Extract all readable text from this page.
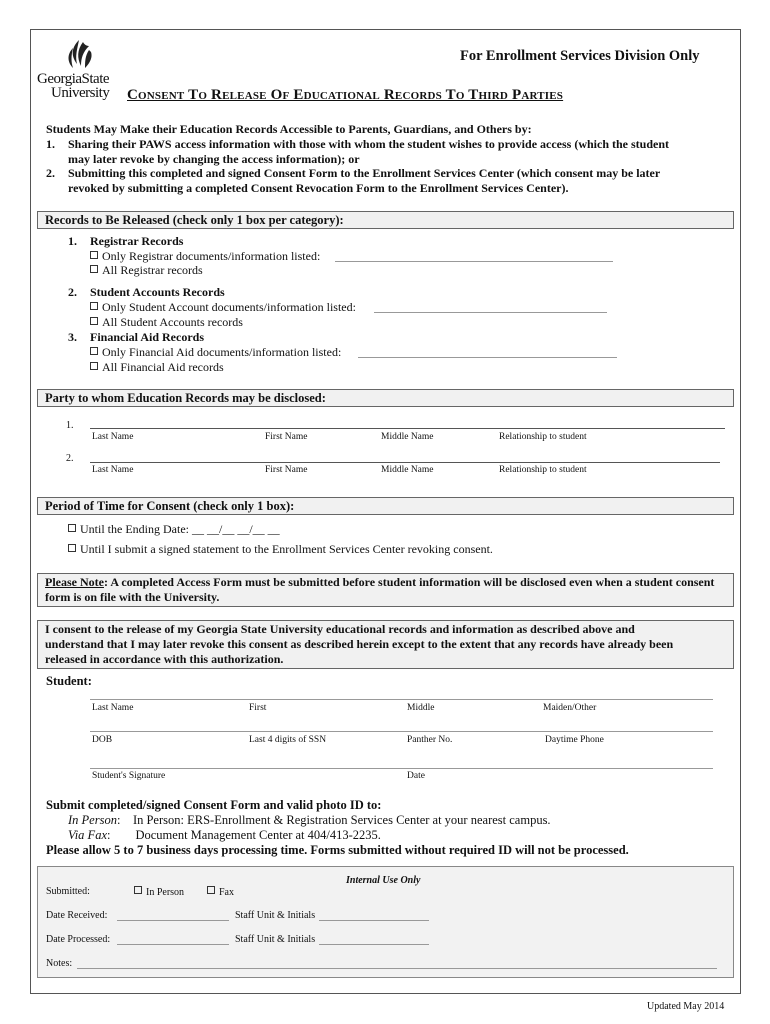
GeorgiaState
University
For Enrollment Services Division Only
Consent To Release Of Educational Records To Third Parties
Students May Make their Education Records Accessible to Parents, Guardians, and Others by:
1. Sharing their PAWS access information with those with whom the student wishes to provide access (which the student
may later revoke by changing the access information); or
2. Submitting this completed and signed Consent Form to the Enrollment Services Center (which consent may be later
revoked by submitting a completed Consent Revocation Form to the Enrollment Services Center).
Records to Be Released (check only 1 box per category):
1. Registrar Records
Only Registrar documents/information listed:
All Registrar records
2. Student Accounts Records
Only Student Account documents/information listed:
All Student Accounts records
3. Financial Aid Records
Only Financial Aid documents/information listed:
All Financial Aid records
Party to whom Education Records may be disclosed:
1.
Last Name	First Name	Middle Name	Relationship to student
2.
Last Name	First Name	Middle Name	Relationship to student
Period of Time for Consent (check only 1 box):
Until the Ending Date: __ __/__ __/__ __
Until I submit a signed statement to the Enrollment Services Center revoking consent.
Please Note: A completed Access Form must be submitted before student information will be disclosed even when a student consent
form is on file with the University.
I consent to the release of my Georgia State University educational records and information as described above and
understand that I may later revoke this consent as described herein except to the extent that any records have already been
released in accordance with this authorization.
Student:
Last Name	First	Middle	Maiden/Other
DOB	Last 4 digits of SSN	Panther No.	Daytime Phone
Student's Signature	Date
Submit completed/signed Consent Form and valid photo ID to:
In Person:    In Person: ERS-Enrollment & Registration Services Center at your nearest campus.
Via Fax:        Document Management Center at 404/413-2235.
Please allow 5 to 7 business days processing time. Forms submitted without required ID will not be processed.
Internal Use Only
Submitted:	In Person	Fax
Date Received:	Staff Unit & Initials
Date Processed:	Staff Unit & Initials
Notes:
Updated May 2014
